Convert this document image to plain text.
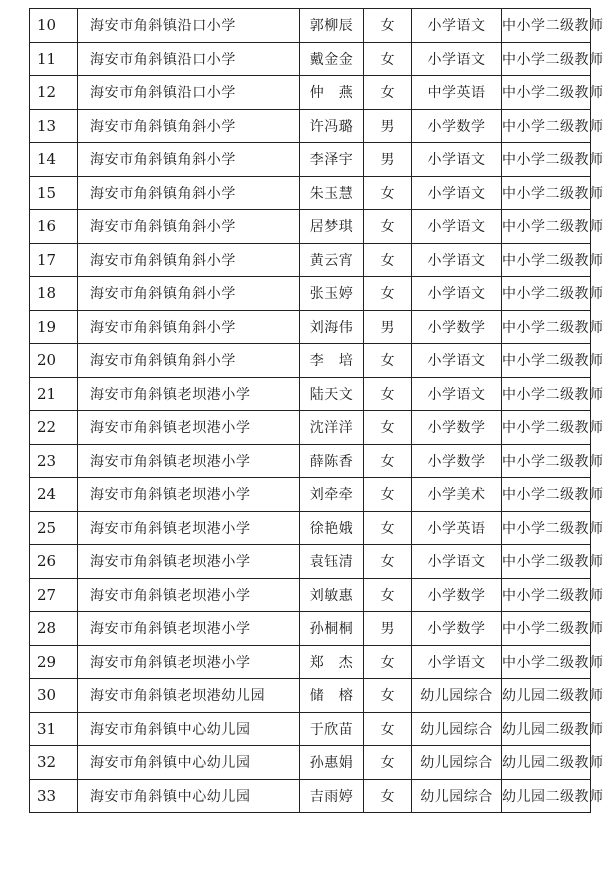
10	海安市角斜镇沿口小学	郭柳辰	女	小学语文	中小学二级教师
11	海安市角斜镇沿口小学	戴金金	女	小学语文	中小学二级教师
12	海安市角斜镇沿口小学	仲　燕	女	中学英语	中小学二级教师
13	海安市角斜镇角斜小学	许冯璐	男	小学数学	中小学二级教师
14	海安市角斜镇角斜小学	李泽宇	男	小学语文	中小学二级教师
15	海安市角斜镇角斜小学	朱玉慧	女	小学语文	中小学二级教师
16	海安市角斜镇角斜小学	居梦琪	女	小学语文	中小学二级教师
17	海安市角斜镇角斜小学	黄云宵	女	小学语文	中小学二级教师
18	海安市角斜镇角斜小学	张玉婷	女	小学语文	中小学二级教师
19	海安市角斜镇角斜小学	刘海伟	男	小学数学	中小学二级教师
20	海安市角斜镇角斜小学	李　培	女	小学语文	中小学二级教师
21	海安市角斜镇老坝港小学	陆天文	女	小学语文	中小学二级教师
22	海安市角斜镇老坝港小学	沈洋洋	女	小学数学	中小学二级教师
23	海安市角斜镇老坝港小学	薛陈香	女	小学数学	中小学二级教师
24	海安市角斜镇老坝港小学	刘牵牵	女	小学美术	中小学二级教师
25	海安市角斜镇老坝港小学	徐艳娥	女	小学英语	中小学二级教师
26	海安市角斜镇老坝港小学	袁钰清	女	小学语文	中小学二级教师
27	海安市角斜镇老坝港小学	刘敏惠	女	小学数学	中小学二级教师
28	海安市角斜镇老坝港小学	孙桐桐	男	小学数学	中小学二级教师
29	海安市角斜镇老坝港小学	郑　杰	女	小学语文	中小学二级教师
30	海安市角斜镇老坝港幼儿园	储　榕	女	幼儿园综合	幼儿园二级教师
31	海安市角斜镇中心幼儿园	于欣苗	女	幼儿园综合	幼儿园二级教师
32	海安市角斜镇中心幼儿园	孙惠娟	女	幼儿园综合	幼儿园二级教师
33	海安市角斜镇中心幼儿园	吉雨婷	女	幼儿园综合	幼儿园二级教师
